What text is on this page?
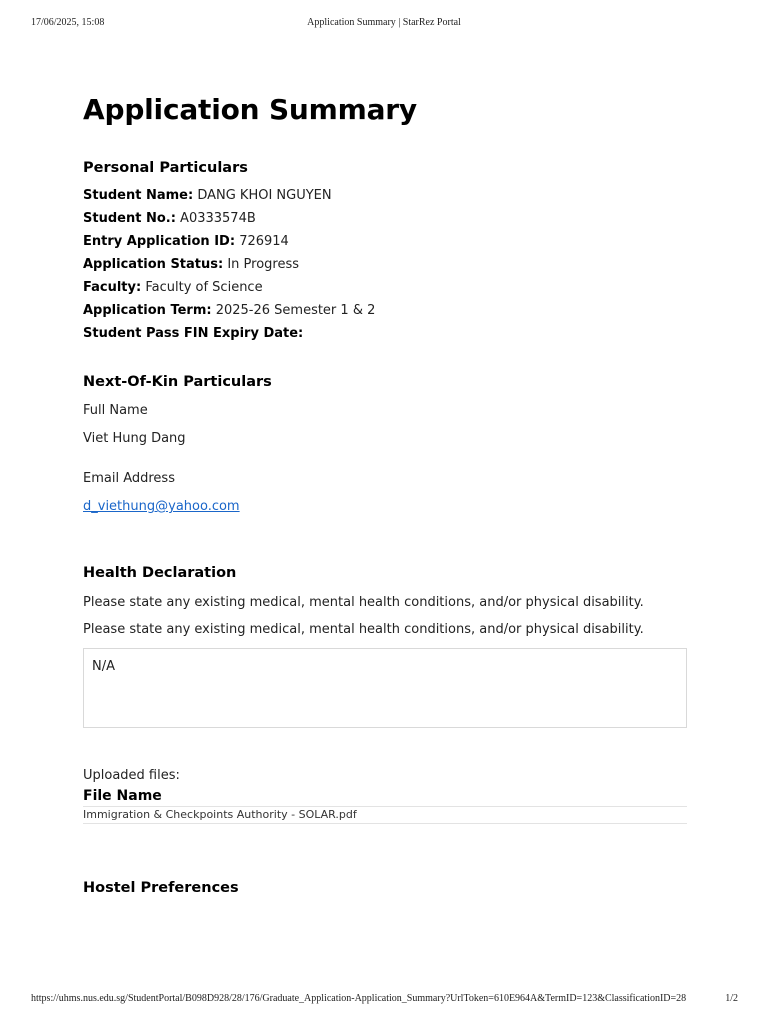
17/06/2025, 15:08	Application Summary | StarRez Portal
Application Summary
Personal Particulars
Student Name: DANG KHOI NGUYEN
Student No.: A0333574B
Entry Application ID: 726914
Application Status: In Progress
Faculty: Faculty of Science
Application Term: 2025-26 Semester 1 & 2
Student Pass FIN Expiry Date:
Next-Of-Kin Particulars
Full Name
Viet Hung Dang
Email Address
d_viethung@yahoo.com
Health Declaration
Please state any existing medical, mental health conditions, and/or physical disability.
Please state any existing medical, mental health conditions, and/or physical disability.
N/A
Uploaded files:
File Name
Immigration & Checkpoints Authority - SOLAR.pdf
Hostel Preferences
https://uhms.nus.edu.sg/StudentPortal/B098D928/28/176/Graduate_Application-Application_Summary?UrlToken=610E964A&TermID=123&ClassificationID=28	1/2
